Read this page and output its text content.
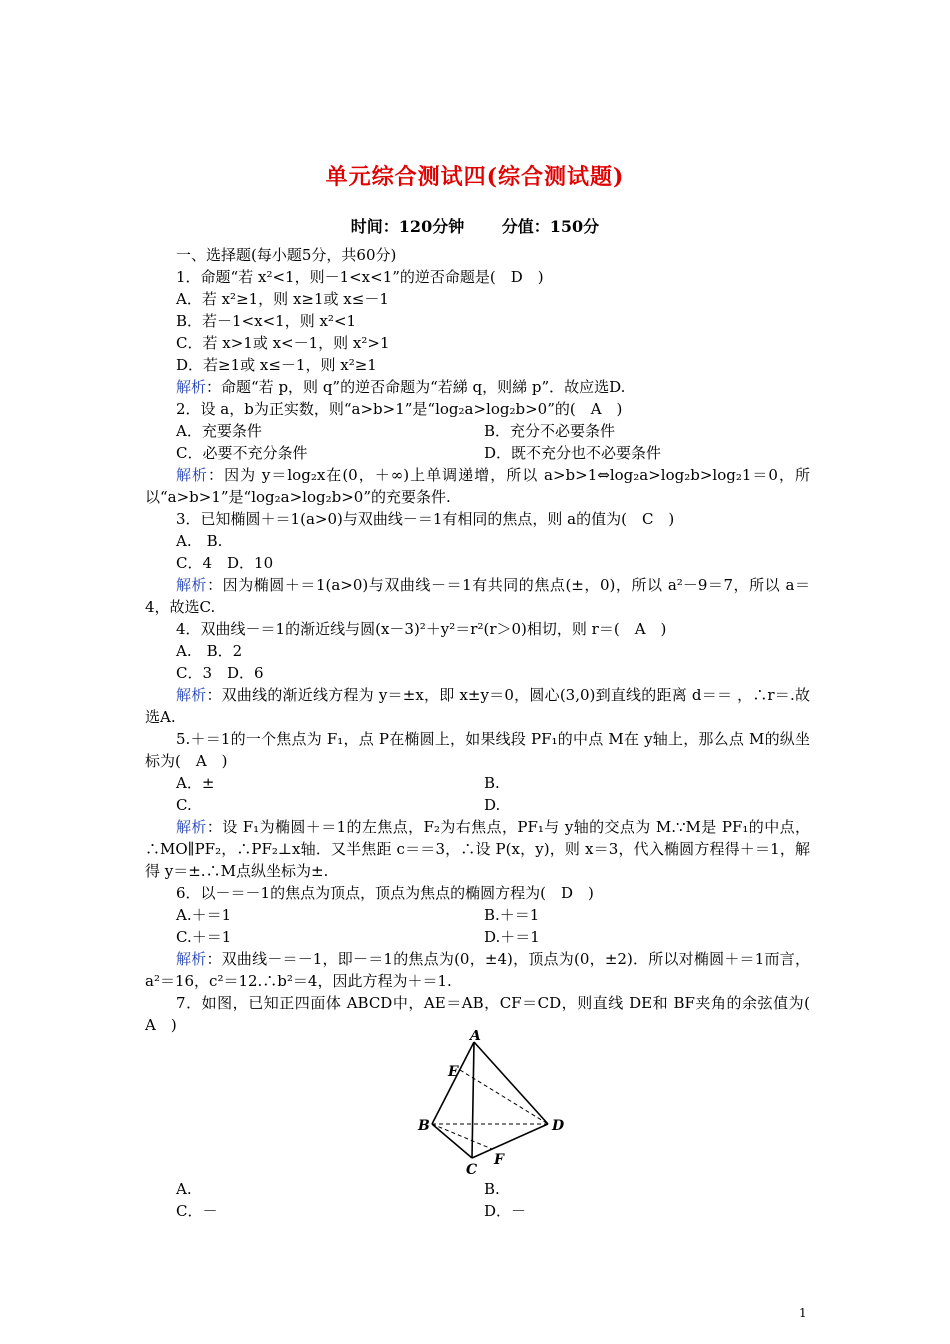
单元综合测试四(综合测试题)
时间：120分钟 分值：150分

一、选择题(每小题5分，共60分)

1．命题“若 x²<1，则－1<x<1”的逆否命题是(　D　)

A．若 x²≥1，则 x≥1或 x≤－1

B．若－1<x<1，则 x²<1

C．若 x>1或 x<－1，则 x²>1

D．若≥1或 x≤－1，则 x²≥1

解析：命题“若 p，则 q”的逆否命题为“若綈 q，则綈 p”．故应选D.

2．设 a，b为正实数，则“a>b>1”是“log₂a>log₂b>0”的(　A　)

A．充要条件	B．充分不必要条件
C．必要不充分条件	D．既不充分也不必要条件

解析：因为 y＝log₂x在(0，＋∞)上单调递增，所以 a>b>1⇔log₂a>log₂b>log₂1＝0，所以“a>b>1”是“log₂a>log₂b>0”的充要条件.

3．已知椭圆＋＝1(a>0)与双曲线－＝1有相同的焦点，则 a的值为(　C　)

A.　B.

C．4　D．10

解析：因为椭圆＋＝1(a>0)与双曲线－＝1有共同的焦点(±，0)，所以 a²－9＝7，所以 a＝4，故选C.

4．双曲线－＝1的渐近线与圆(x－3)²＋y²＝r²(r＞0)相切，则 r＝(　A　)

A.　B．2

C．3　D．6

解析：双曲线的渐近线方程为 y＝±x，即 x±y＝0，圆心(3,0)到直线的距离 d＝＝ ，∴r＝.故选A.

5.＋＝1的一个焦点为 F₁，点 P在椭圆上，如果线段 PF₁的中点 M在 y轴上，那么点 M的纵坐标为(　A　)

A．±	B.
C.	D.

解析：设 F₁为椭圆＋＝1的左焦点，F₂为右焦点，PF₁与 y轴的交点为 M.∵M是 PF₁的中点，∴MO∥PF₂，∴PF₂⊥x轴．又半焦距 c＝＝3，∴设 P(x，y)，则 x＝3，代入椭圆方程得＋＝1，解得 y＝±.∴M点纵坐标为±.

6．以－＝－1的焦点为顶点，顶点为焦点的椭圆方程为(　D　)

A.＋＝1	B.＋＝1
C.＋＝1	D.＋＝1

解析：双曲线－＝－1，即－＝1的焦点为(0，±4)，顶点为(0，±2)．所以对椭圆＋＝1而言，a²＝16，c²＝12.∴b²＝4，因此方程为＋＝1.

7．如图，已知正四面体 ABCD中，AE＝AB，CF＝CD，则直线 DE和 BF夹角的余弦值为(　A　)

A
E
B	D
C
F
A.	B.
C．－	D．－
1
